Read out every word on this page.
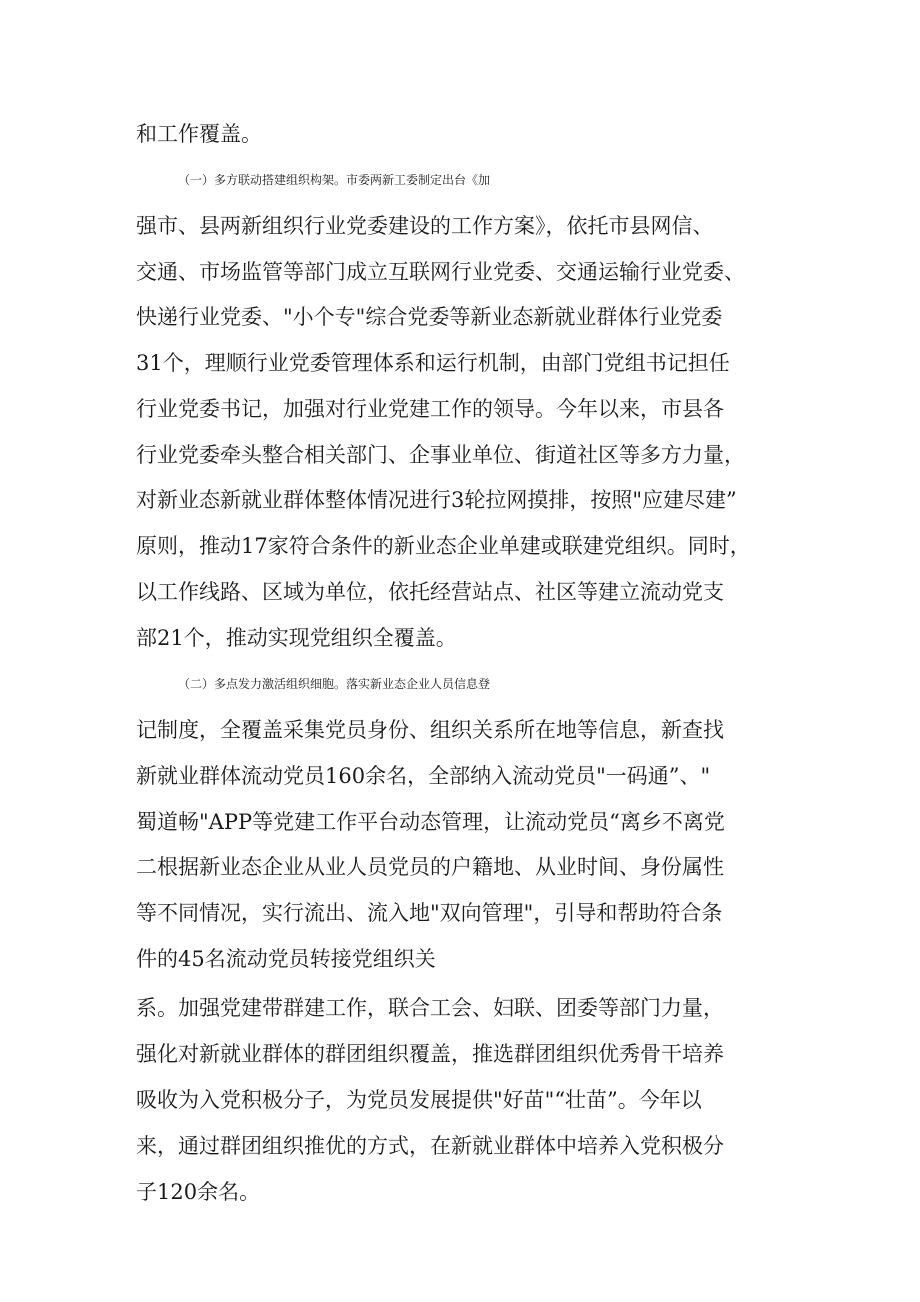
和工作覆盖。
（一）多方联动搭建组织构架。市委两新工委制定出台《加
强市、县两新组织行业党委建设的工作方案》，依托市县网信、
交通、市场监管等部门成立互联网行业党委、交通运输行业党委、
快递行业党委、"小个专"综合党委等新业态新就业群体行业党委
31个，理顺行业党委管理体系和运行机制，由部门党组书记担任
行业党委书记，加强对行业党建工作的领导。今年以来，市县各
行业党委牵头整合相关部门、企事业单位、街道社区等多方力量，
对新业态新就业群体整体情况进行3轮拉网摸排，按照"应建尽建”
原则，推动17家符合条件的新业态企业单建或联建党组织。同时，
以工作线路、区域为单位，依托经营站点、社区等建立流动党支
部21个，推动实现党组织全覆盖。
（二）多点发力激活组织细胞。落实新业态企业人员信息登
记制度，全覆盖采集党员身份、组织关系所在地等信息，新查找
新就业群体流动党员160余名，全部纳入流动党员"一码通”、"
蜀道畅"APP等党建工作平台动态管理，让流动党员“离乡不离党
二根据新业态企业从业人员党员的户籍地、从业时间、身份属性
等不同情况，实行流出、流入地"双向管理"，引导和帮助符合条
件的45名流动党员转接党组织关
系。加强党建带群建工作，联合工会、妇联、团委等部门力量，
强化对新就业群体的群团组织覆盖，推选群团组织优秀骨干培养
吸收为入党积极分子，为党员发展提供"好苗"“壮苗”。今年以
来，通过群团组织推优的方式，在新就业群体中培养入党积极分
子120余名。
